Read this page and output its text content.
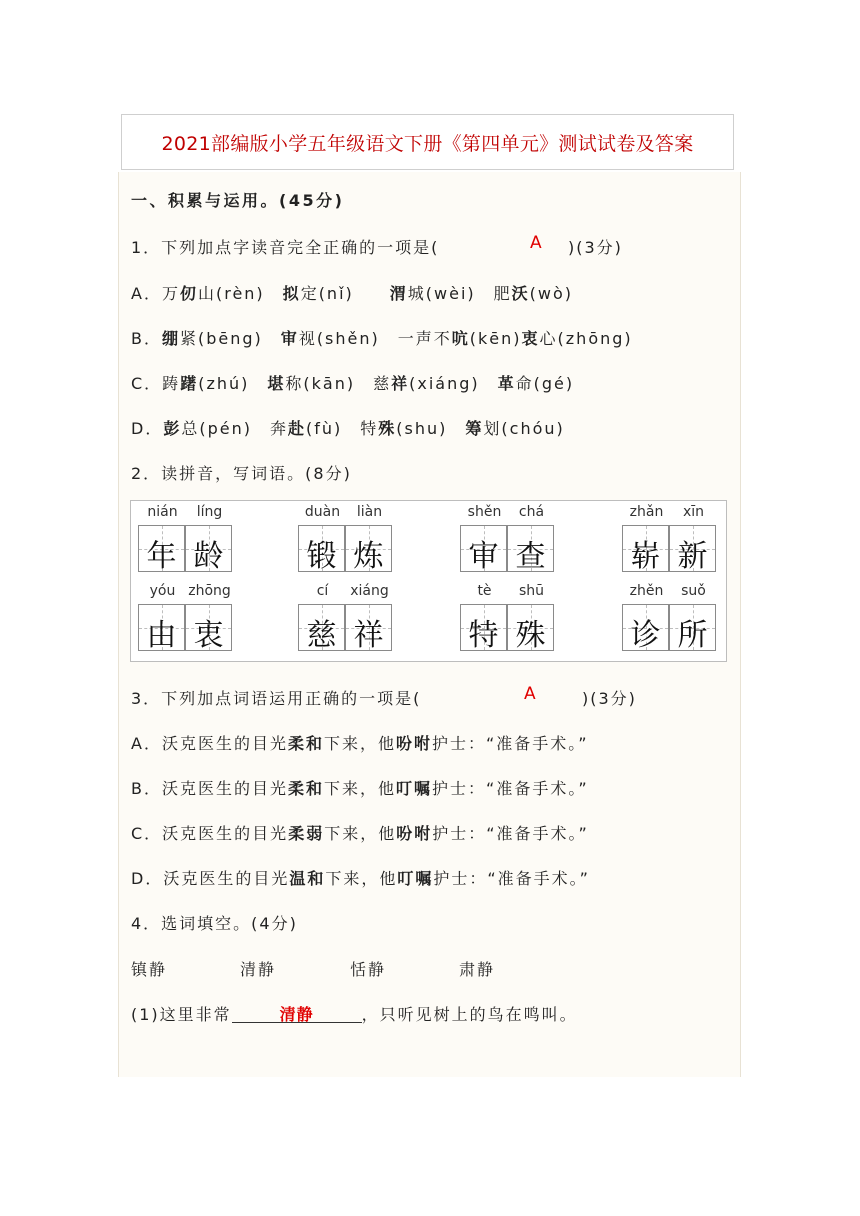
2021部编版小学五年级语文下册《第四单元》测试试卷及答案
一、积累与运用。(45分)
1．下列加点字读音完全正确的一项是(	A )(3分)
A．万仞山(rèn)　拟定(nǐ)　　渭城(wèi)　肥沃(wò)
B．绷紧(bēng)　审视(shěn)　一声不吭(kēn)衷心(zhōng)
C．踌躇(zhú)　堪称(kān)　慈祥(xiáng)　革命(gé)
D．彭总(pén)　奔赴(fù)　特殊(shu)　筹划(chóu)
2．读拼音，写词语。(8分)
nián	líng
年 龄
duàn	liàn
锻 炼
shěn	chá
审 查
zhǎn	xīn
崭 新
yóu zhōng
由 衷
cí	xiáng
慈 祥
tè	shū
特 殊
zhěn	suǒ
诊 所
3．下列加点词语运用正确的一项是(	A	)(3分)
A．沃克医生的目光柔和下来，他吩咐护士：“准备手术。”
B．沃克医生的目光柔和下来，他叮嘱护士：“准备手术。”
C．沃克医生的目光柔弱下来，他吩咐护士：“准备手术。”
D．沃克医生的目光温和下来，他叮嘱护士：“准备手术。”
4．选词填空。(4分)
镇静	清静	恬静	肃静
(1)这里非常	清静	，只听见树上的鸟在鸣叫。
